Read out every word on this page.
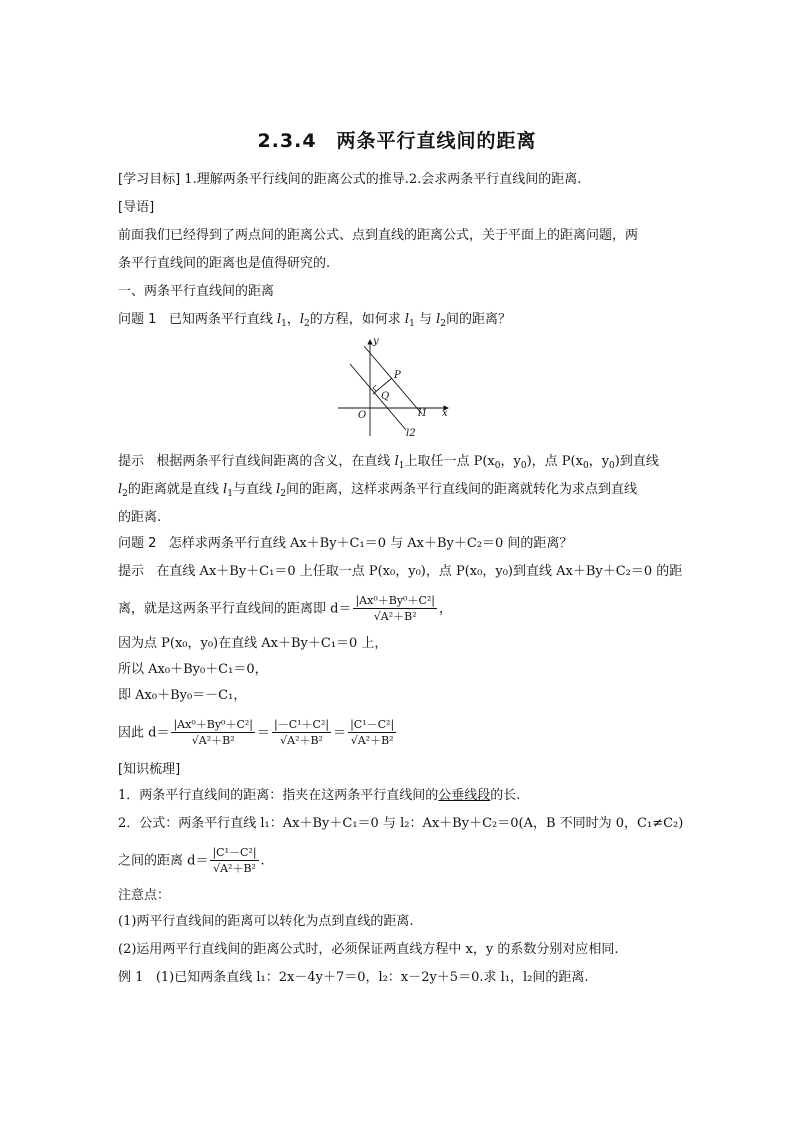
2.3.4　两条平行直线间的距离
[学习目标] 1.理解两条平行线间的距离公式的推导.2.会求两条平行直线间的距离.
[导语]
前面我们已经得到了两点间的距离公式、点到直线的距离公式，关于平面上的距离问题，两
条平行直线间的距离也是值得研究的.
一、两条平行直线间的距离
问题 1 已知两条平行直线 $l_1$，$l_2$的方程，如何求 $l_1$ 与 $l_2$间的距离？
y
x
O
P
Q
l1
l2
提示 根据两条平行直线间距离的含义，在直线 $l_1$上取任一点 $P(x_0$，$y_0$)，点 $P(x_0$，$y_0$)到直线
$l_2$的距离就是直线 $l_1$与直线 $l_2$间的距离，这样求两条平行直线间的距离就转化为求点到直线
的距离.
问题 2 怎样求两条平行直线 Ax＋By＋C₁＝0 与 Ax＋By＋C₂＝0 间的距离？
提示 在直线 Ax＋By＋C₁＝0 上任取一点 P(x₀，y₀)，点 P(x₀，y₀)到直线 Ax＋By＋C₂＝0 的距
离，就是这两条平行直线间的距离即 $d= \frac{\text{|Ax⁰＋By⁰＋C²|}}{\text{√A²＋B²}}$ ，
因为点 P(x₀，y₀)在直线 Ax＋By＋C₁＝0 上，
所以 Ax₀＋By₀＋C₁＝0，
即 Ax₀＋By₀＝－C₁，
因此 $d= \frac{\text{|Ax⁰＋By⁰＋C²|}}{\text{√A²＋B²}} = \frac{\text{|－C¹＋C²|}}{\text{√A²＋B²}} = \frac{\text{|C¹－C²|}}{\text{√A²＋B²}}$
[知识梳理]
1．两条平行直线间的距离：指夹在这两条平行直线间的公垂线段的长.
2．公式：两条平行直线 l₁：Ax＋By＋C₁＝0 与 l₂：Ax＋By＋C₂＝0(A，B 不同时为 0，C₁≠C₂)
之间的距离 $d= \frac{\text{|C¹－C²|}}{\text{√A²＋B²}}$ .
注意点：
(1)两平行直线间的距离可以转化为点到直线的距离.
(2)运用两平行直线间的距离公式时，必须保证两直线方程中 x，y 的系数分别对应相同.
例 1 (1)已知两条直线 l₁：2x－4y＋7＝0，l₂：x－2y＋5＝0.求 l₁，l₂间的距离.
